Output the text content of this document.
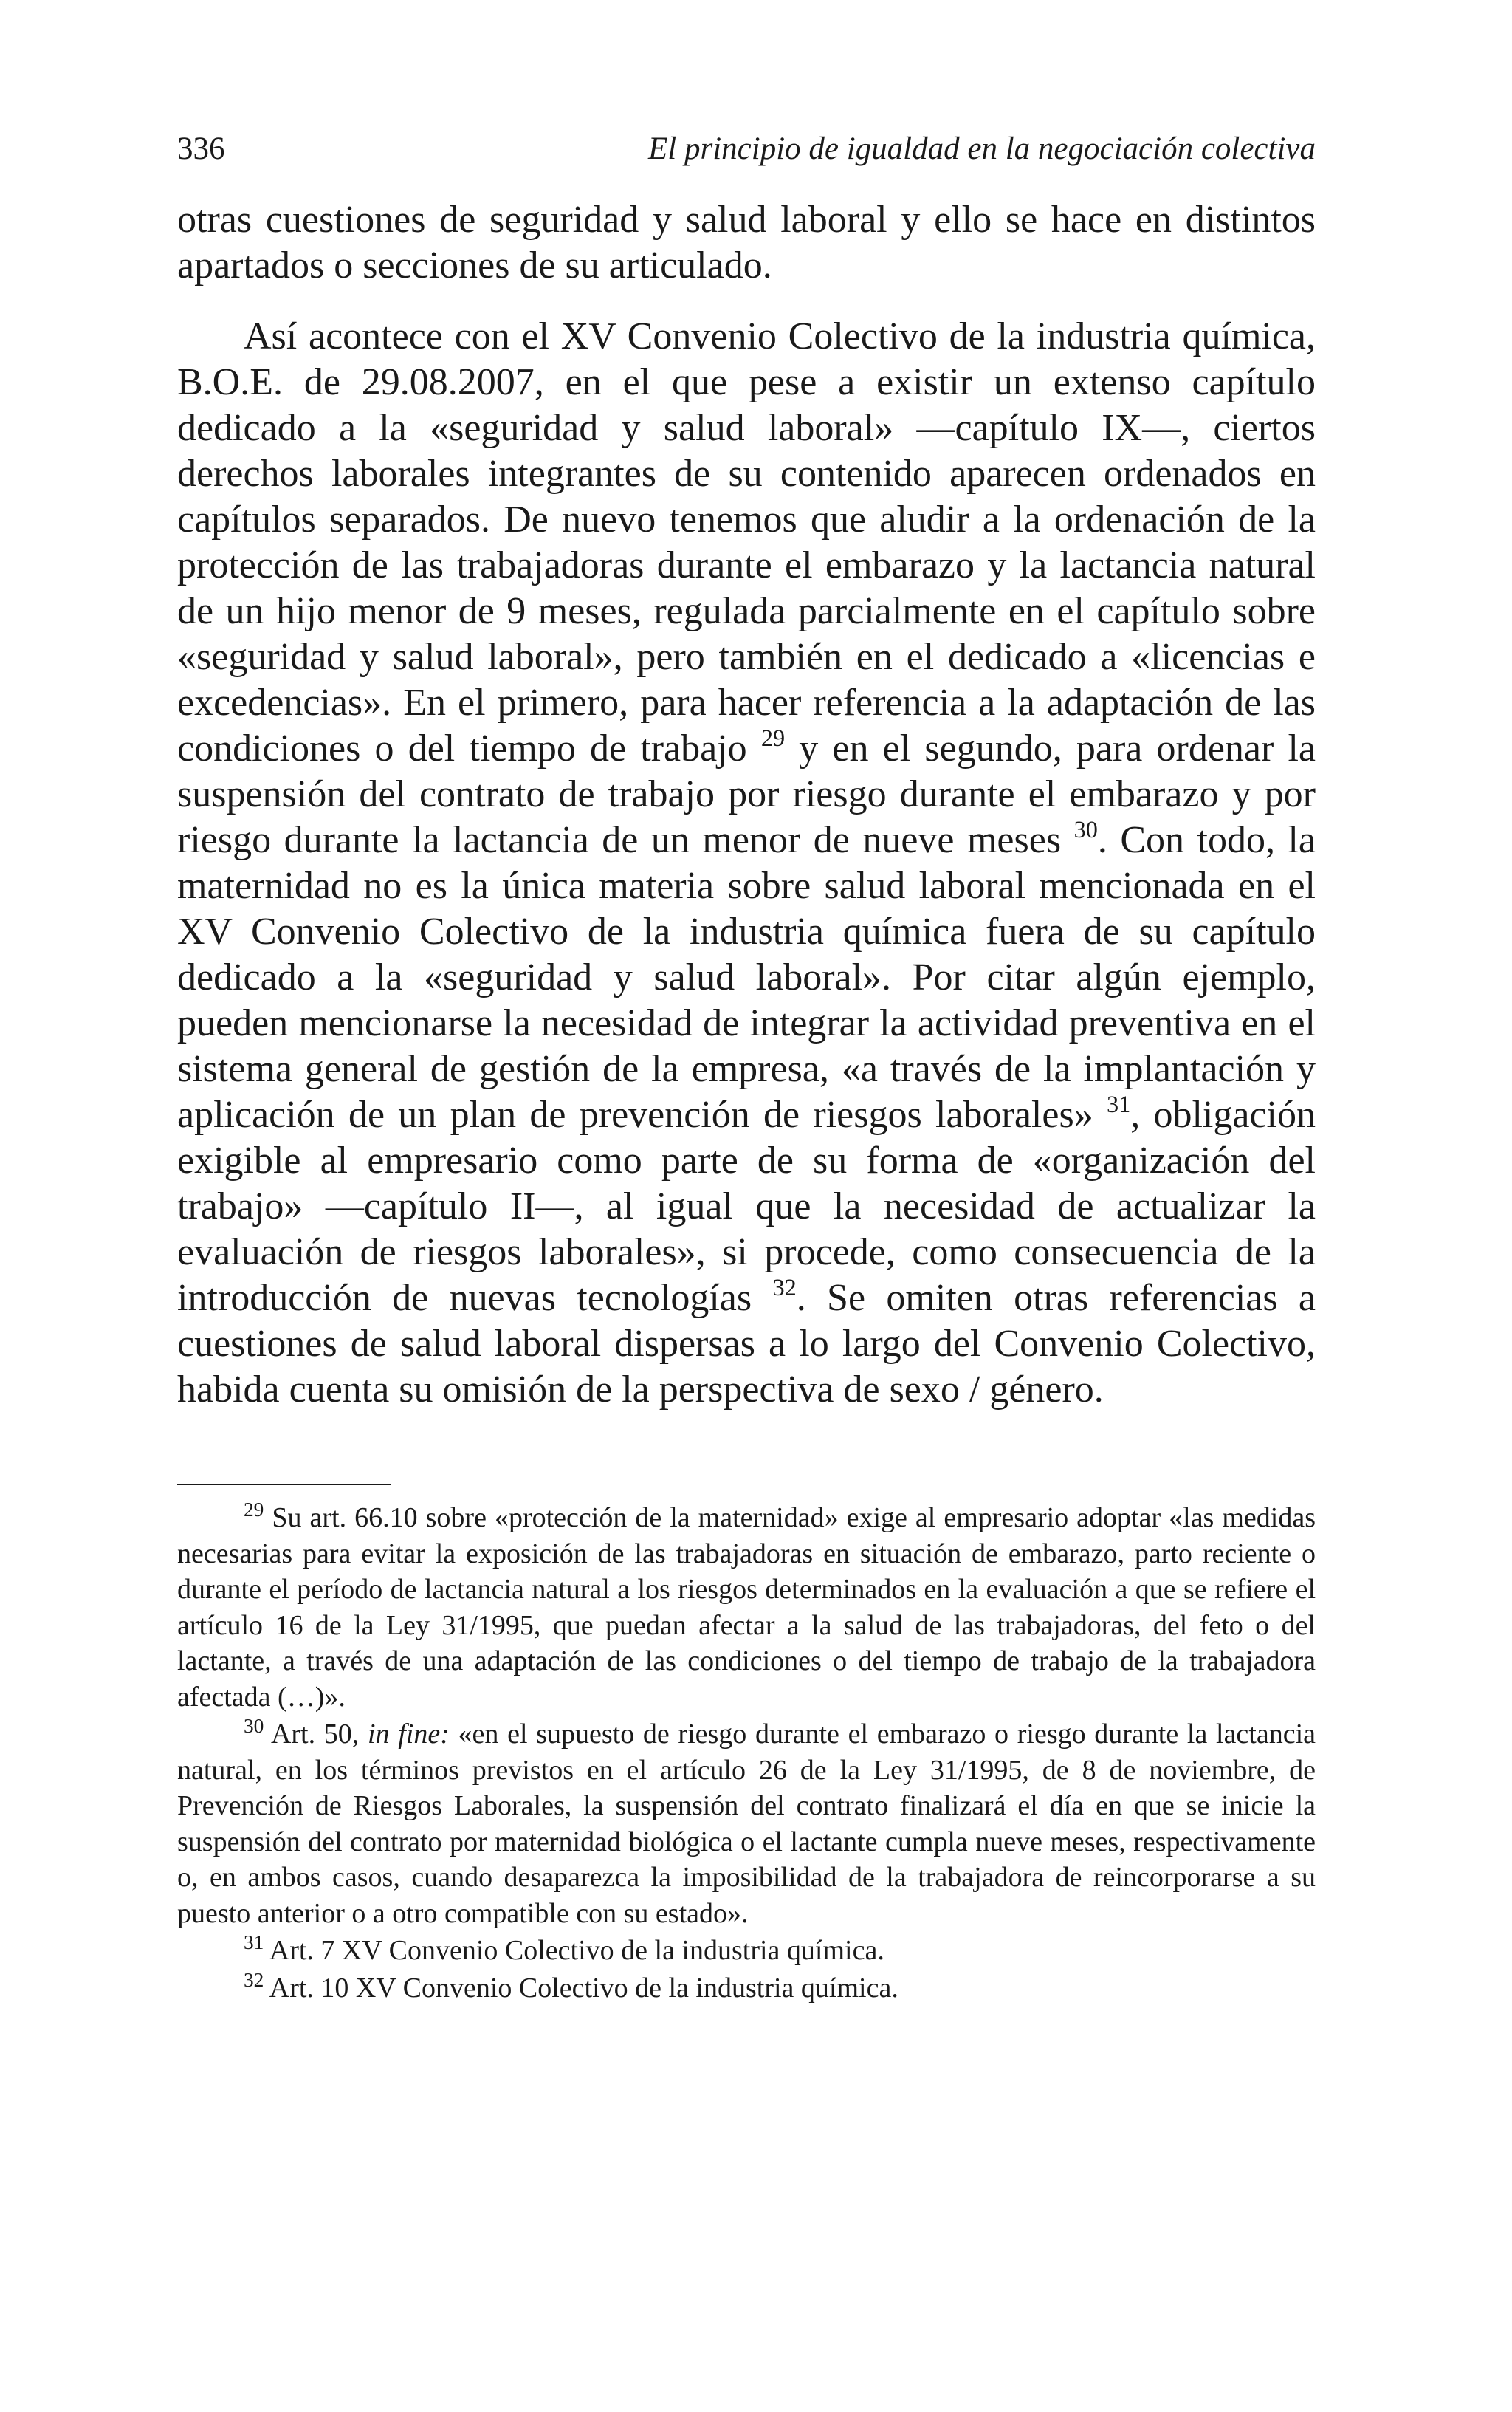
336	El principio de igualdad en la negociación colectiva

otras cuestiones de seguridad y salud laboral y ello se hace en distintos apartados o secciones de su articulado.

Así acontece con el XV Convenio Colectivo de la industria química, B.O.E. de 29.08.2007, en el que pese a existir un extenso capítulo dedicado a la «seguridad y salud laboral» —capítulo IX—, ciertos derechos laborales integrantes de su contenido aparecen ordenados en capítulos separados. De nuevo tenemos que aludir a la ordenación de la protección de las trabajadoras durante el embarazo y la lactancia natural de un hijo menor de 9 meses, regulada parcialmente en el capítulo sobre «seguridad y salud laboral», pero también en el dedicado a «licencias e excedencias». En el primero, para hacer referencia a la adaptación de las condiciones o del tiempo de trabajo $^{29}$ y en el segundo, para ordenar la suspensión del contrato de trabajo por riesgo durante el embarazo y por riesgo durante la lactancia de un menor de nueve meses $^{30}$. Con todo, la maternidad no es la única materia sobre salud laboral mencionada en el XV Convenio Colectivo de la industria química fuera de su capítulo dedicado a la «seguridad y salud laboral». Por citar algún ejemplo, pueden mencionarse la necesidad de integrar la actividad preventiva en el sistema general de gestión de la empresa, «a través de la implantación y aplicación de un plan de prevención de riesgos laborales» $^{31}$, obligación exigible al empresario como parte de su forma de «organización del trabajo» —capítulo II—, al igual que la necesidad de actualizar la evaluación de riesgos laborales», si procede, como consecuencia de la introducción de nuevas tecnologías $^{32}$. Se omiten otras referencias a cuestiones de salud laboral dispersas a lo largo del Convenio Colectivo, habida cuenta su omisión de la perspectiva de sexo / género.

$^{29}$ Su art. 66.10 sobre «protección de la maternidad» exige al empresario adoptar «las medidas necesarias para evitar la exposición de las trabajadoras en situación de embarazo, parto reciente o durante el período de lactancia natural a los riesgos determinados en la evaluación a que se refiere el artículo 16 de la Ley 31/1995, que puedan afectar a la salud de las trabajadoras, del feto o del lactante, a través de una adaptación de las condiciones o del tiempo de trabajo de la trabajadora afectada (…)».

$^{30}$ Art. 50, in fine: «en el supuesto de riesgo durante el embarazo o riesgo durante la lactancia natural, en los términos previstos en el artículo 26 de la Ley 31/1995, de 8 de noviembre, de Prevención de Riesgos Laborales, la suspensión del contrato finalizará el día en que se inicie la suspensión del contrato por maternidad biológica o el lactante cumpla nueve meses, respectivamente o, en ambos casos, cuando desaparezca la imposibilidad de la trabajadora de reincorporarse a su puesto anterior o a otro compatible con su estado».

$^{31}$ Art. 7 XV Convenio Colectivo de la industria química.

$^{32}$ Art. 10 XV Convenio Colectivo de la industria química.
